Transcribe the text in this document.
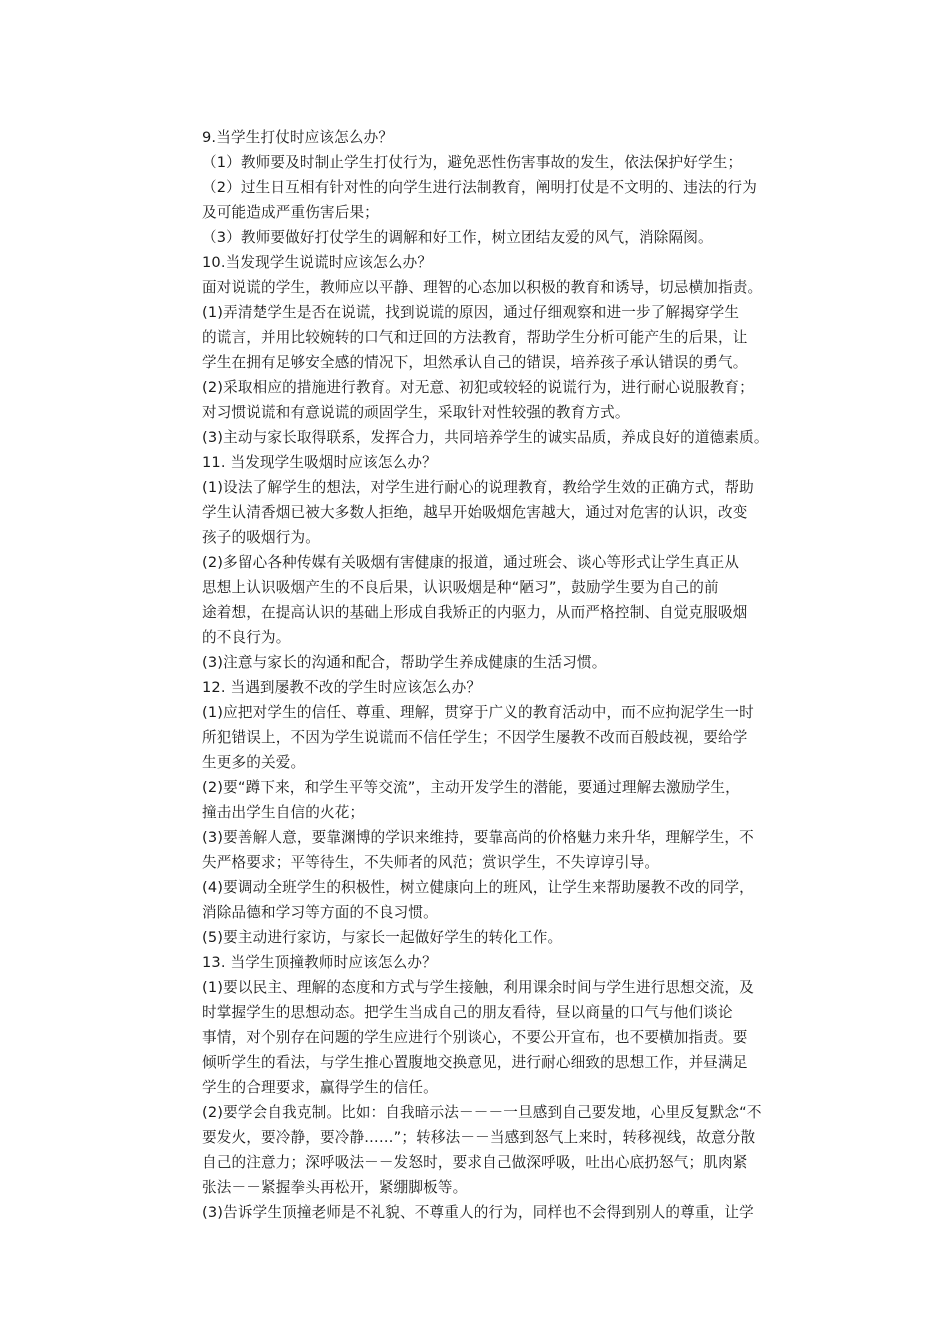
9.当学生打仗时应该怎么办？
（1）教师要及时制止学生打仗行为，避免恶性伤害事故的发生，依法保护好学生；
（2）过生日互相有针对性的向学生进行法制教育，阐明打仗是不文明的、违法的行为
及可能造成严重伤害后果；
（3）教师要做好打仗学生的调解和好工作，树立团结友爱的风气，消除隔阂。
10.当发现学生说谎时应该怎么办？
面对说谎的学生，教师应以平静、理智的心态加以积极的教育和诱导，切忌横加指责。
(1)弄清楚学生是否在说谎，找到说谎的原因，通过仔细观察和进一步了解揭穿学生
的谎言，并用比较婉转的口气和迂回的方法教育，帮助学生分析可能产生的后果，让
学生在拥有足够安全感的情况下，坦然承认自己的错误，培养孩子承认错误的勇气。
(2)采取相应的措施进行教育。对无意、初犯或较轻的说谎行为，进行耐心说服教育；
对习惯说谎和有意说谎的顽固学生，采取针对性较强的教育方式。
(3)主动与家长取得联系，发挥合力，共同培养学生的诚实品质，养成良好的道德素质。
11. 当发现学生吸烟时应该怎么办？
(1)设法了解学生的想法，对学生进行耐心的说理教育，教给学生效的正确方式，帮助
学生认清香烟已被大多数人拒绝，越早开始吸烟危害越大，通过对危害的认识，改变
孩子的吸烟行为。
(2)多留心各种传媒有关吸烟有害健康的报道，通过班会、谈心等形式让学生真正从
思想上认识吸烟产生的不良后果，认识吸烟是种“陋习”，鼓励学生要为自己的前
途着想，在提高认识的基础上形成自我矫正的内驱力，从而严格控制、自觉克服吸烟
的不良行为。
(3)注意与家长的沟通和配合，帮助学生养成健康的生活习惯。
12. 当遇到屡教不改的学生时应该怎么办？
(1)应把对学生的信任、尊重、理解，贯穿于广义的教育活动中，而不应拘泥学生一时
所犯错误上，不因为学生说谎而不信任学生；不因学生屡教不改而百般歧视，要给学
生更多的关爱。
(2)要“蹲下来，和学生平等交流”，主动开发学生的潜能，要通过理解去激励学生，
撞击出学生自信的火花；
(3)要善解人意，要靠渊博的学识来维持，要靠高尚的价格魅力来升华，理解学生，不
失严格要求；平等待生，不失师者的风范；赏识学生，不失谆谆引导。
(4)要调动全班学生的积极性，树立健康向上的班风，让学生来帮助屡教不改的同学，
消除品德和学习等方面的不良习惯。
(5)要主动进行家访，与家长一起做好学生的转化工作。
13. 当学生顶撞教师时应该怎么办？
(1)要以民主、理解的态度和方式与学生接触，利用课余时间与学生进行思想交流，及
时掌握学生的思想动态。把学生当成自己的朋友看待，昼以商量的口气与他们谈论
事情，对个别存在问题的学生应进行个别谈心，不要公开宣布，也不要横加指责。要
倾听学生的看法，与学生推心置腹地交换意见，进行耐心细致的思想工作，并昼满足
学生的合理要求，赢得学生的信任。
(2)要学会自我克制。比如：自我暗示法－－－一旦感到自己要发地，心里反复默念“不
要发火，要冷静，要冷静……”；转移法－－当感到怒气上来时，转移视线，故意分散
自己的注意力；深呼吸法－－发怒时，要求自己做深呼吸，吐出心底扔怒气；肌肉紧
张法－－紧握拳头再松开，紧绷脚板等。
(3)告诉学生顶撞老师是不礼貌、不尊重人的行为，同样也不会得到别人的尊重，让学
